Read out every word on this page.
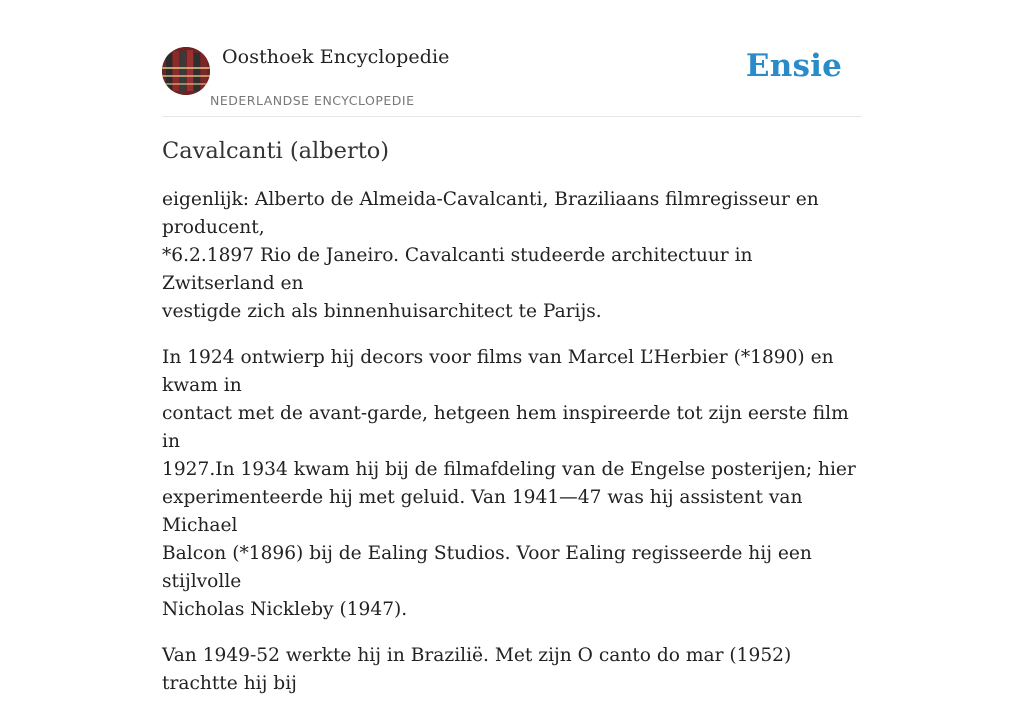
Oosthoek Encyclopedie
NEDERLANDSE ENCYCLOPEDIE
Ensie
Cavalcanti (alberto)

eigenlijk: Alberto de Almeida-Cavalcanti, Braziliaans filmregisseur en producent,
*6.2.1897 Rio de Janeiro. Cavalcanti studeerde architectuur in Zwitserland en
vestigde zich als binnenhuisarchitect te Parijs.

In 1924 ontwierp hij decors voor films van Marcel L’Herbier (*1890) en kwam in
contact met de avant-garde, hetgeen hem inspireerde tot zijn eerste film in
1927.In 1934 kwam hij bij de filmafdeling van de Engelse posterijen; hier
experimenteerde hij met geluid. Van 1941—47 was hij assistent van Michael
Balcon (*1896) bij de Ealing Studios. Voor Ealing regisseerde hij een stijlvolle
Nicholas Nickleby (1947).

Van 1949-52 werkte hij in Brazilië. Met zijn O canto do mar (1952) trachtte hij bij
